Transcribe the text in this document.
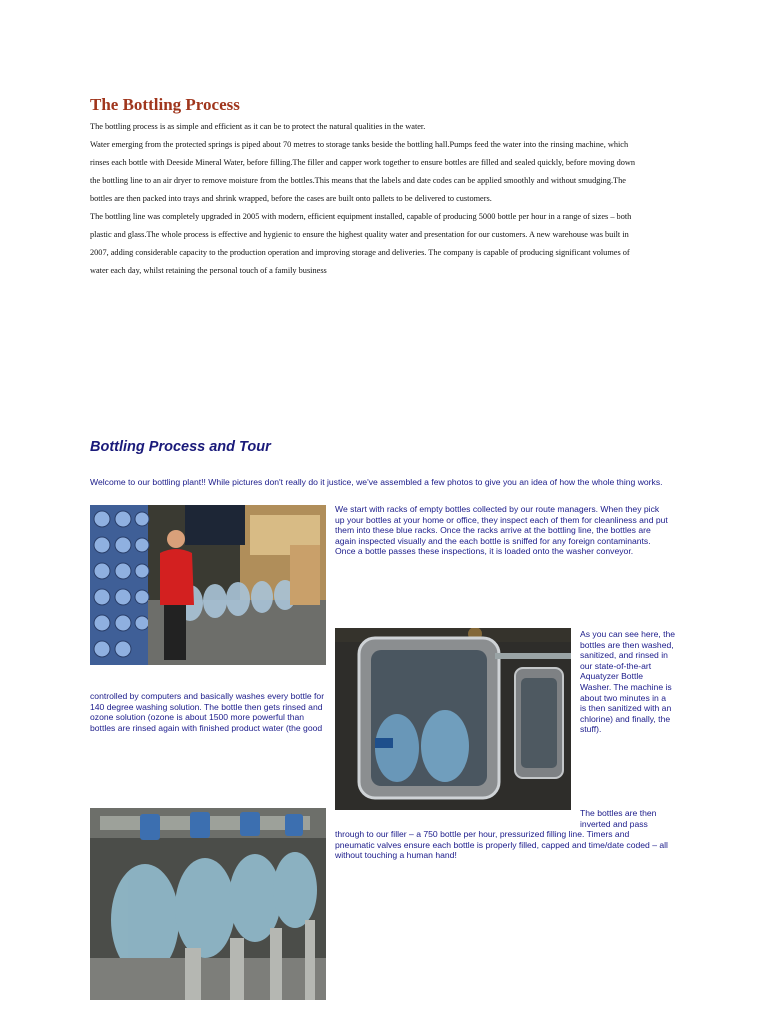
The Bottling Process

The bottling process is as simple and efficient as it can be to protect the natural qualities in the water.

Water emerging from the protected springs is piped about 70 metres to storage tanks beside the bottling hall.Pumps feed the water into the rinsing machine, which

rinses each bottle with Deeside Mineral Water, before filling.The filler and capper work together to ensure bottles are filled and sealed quickly, before moving down

the bottling line to an air dryer to remove moisture from the bottles.This means that the labels and date codes can be applied smoothly and without smudging.The

bottles are then packed into trays and shrink wrapped, before the cases are built onto pallets to be delivered to customers.

The bottling line was completely upgraded in 2005 with modern, efficient equipment installed, capable of producing 5000 bottle per hour in a range of sizes – both

plastic and glass.The whole process is effective and hygienic to ensure the highest quality water and presentation for our customers. A new warehouse was built in

2007, adding considerable capacity to the production operation and improving storage and deliveries. The company is capable of producing significant volumes of

water each day, whilst retaining the personal touch of a family business

Bottling Process and Tour

Welcome to our bottling plant!! While pictures don't really do it justice, we've assembled a few photos to give you an idea of how the whole thing works.

We start with racks of empty bottles collected by our route managers. When they pick

up your bottles at your home or office, they inspect each of them for cleanliness and put

them into these blue racks. Once the racks arrive at the bottling line, the bottles are

again inspected visually and the each bottle is sniffed for any foreign contaminants.

Once a bottle passes these inspections, it is loaded onto the washer conveyor.

As you can see here, the

bottles are then washed,

sanitized, and rinsed in

our state-of-the-art

Aquatyzer Bottle

Washer. The machine is

about two minutes in a

is then sanitized with an

chlorine) and finally, the

stuff).

controlled by computers and basically washes every bottle for

140 degree washing solution. The bottle then gets rinsed and

ozone solution (ozone is about 1500 more powerful than

bottles are rinsed again with finished product water (the good

The bottles are then

inverted and pass

through to our filler – a 750 bottle per hour, pressurized filling line. Timers and

pneumatic valves ensure each bottle is properly filled, capped and time/date coded – all

without touching a human hand!
